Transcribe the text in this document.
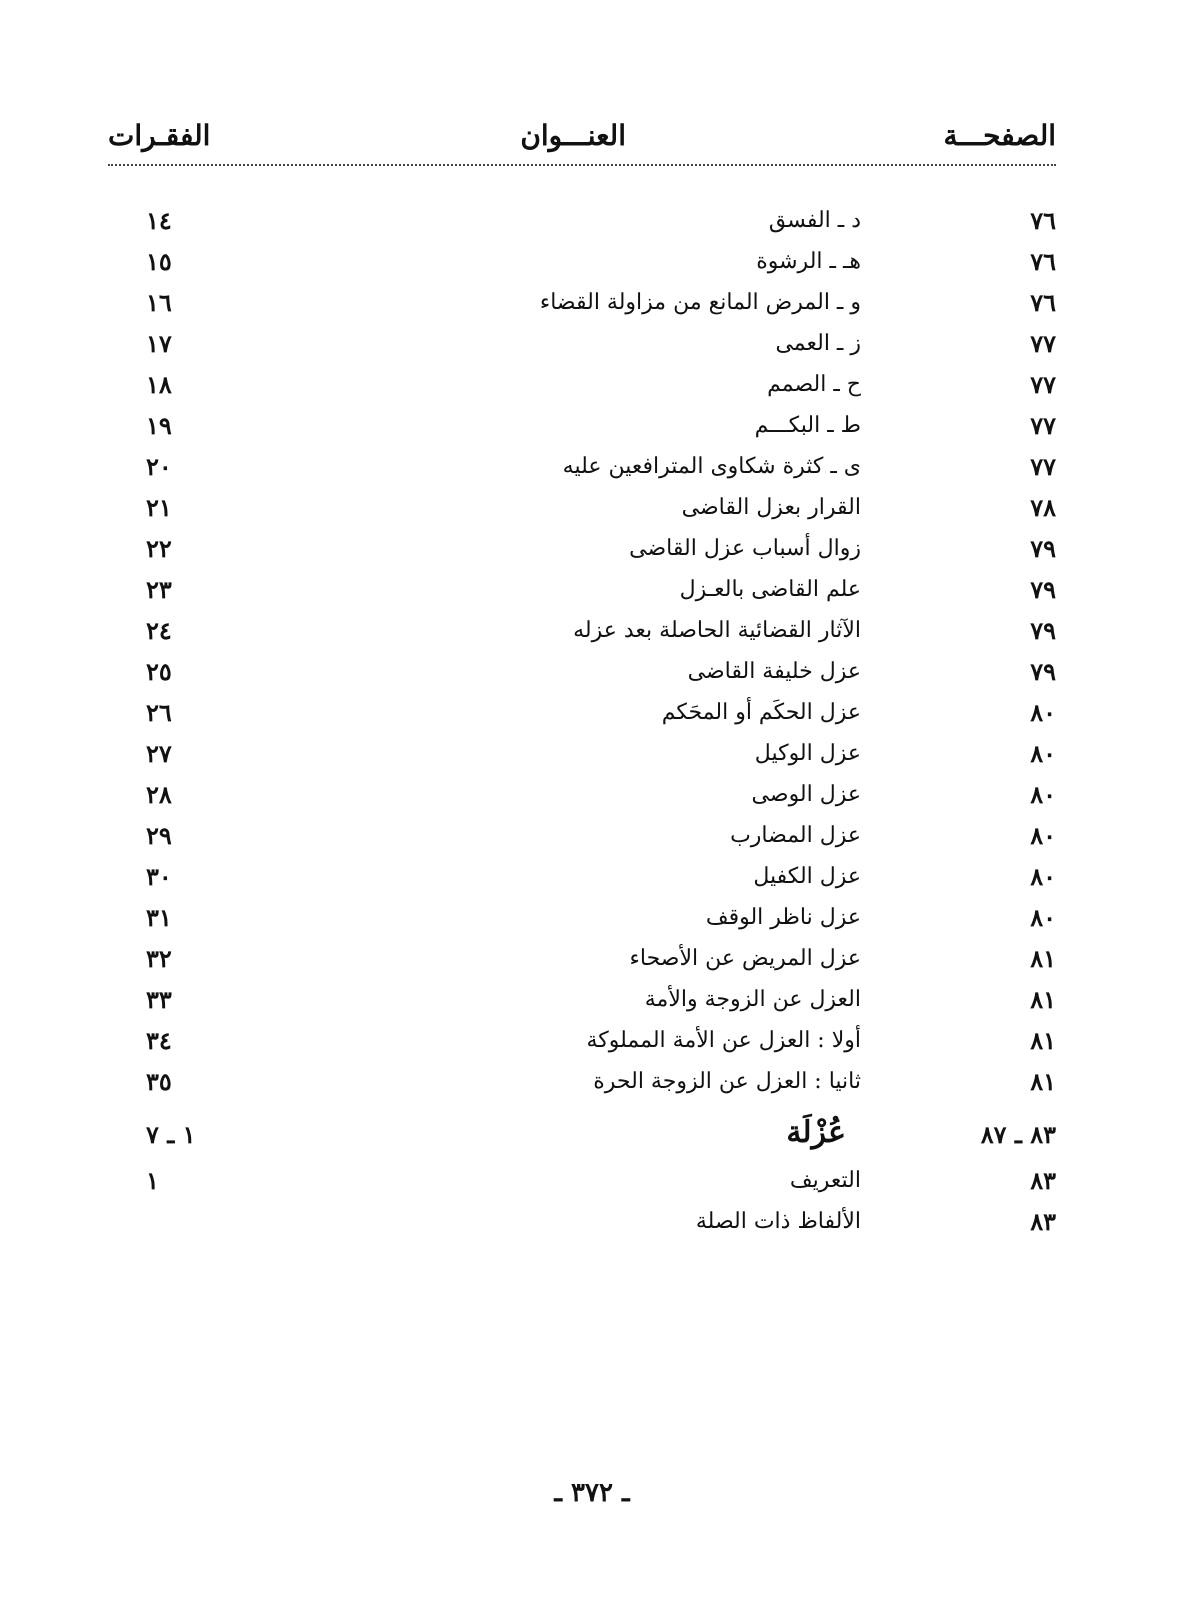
الصفحـــة
العنـــوان
الفقـرات
٧٦
د ـ الفسق
١٤
٧٦
هـ ـ الرشوة
١٥
٧٦
و ـ المرض المانع من مزاولة القضاء
١٦
٧٧
ز ـ العمى
١٧
٧٧
ح ـ الصمم
١٨
٧٧
ط ـ البكـــم
١٩
٧٧
ى ـ كثرة شكاوى المترافعين عليه
٢٠
٧٨
القرار بعزل القاضى
٢١
٧٩
زوال أسباب عزل القاضى
٢٢
٧٩
علم القاضى بالعـزل
٢٣
٧٩
الآثار القضائية الحاصلة بعد عزله
٢٤
٧٩
عزل خليفة القاضى
٢٥
٨٠
عزل الحكَم أو المحَكم
٢٦
٨٠
عزل الوكيل
٢٧
٨٠
عزل الوصى
٢٨
٨٠
عزل المضارب
٢٩
٨٠
عزل الكفيل
٣٠
٨٠
عزل ناظر الوقف
٣١
٨١
عزل المريض عن الأصحاء
٣٢
٨١
العزل عن الزوجة والأمة
٣٣
٨١
أولا : العزل عن الأمة المملوكة
٣٤
٨١
ثانيا : العزل عن الزوجة الحرة
٣٥
٨٣ ـ ٨٧
عُزْلَة
١ ـ ٧
٨٣
التعريف
١
٨٣
الألفاظ ذات الصلة
ـ ٣٧٢ ـ
